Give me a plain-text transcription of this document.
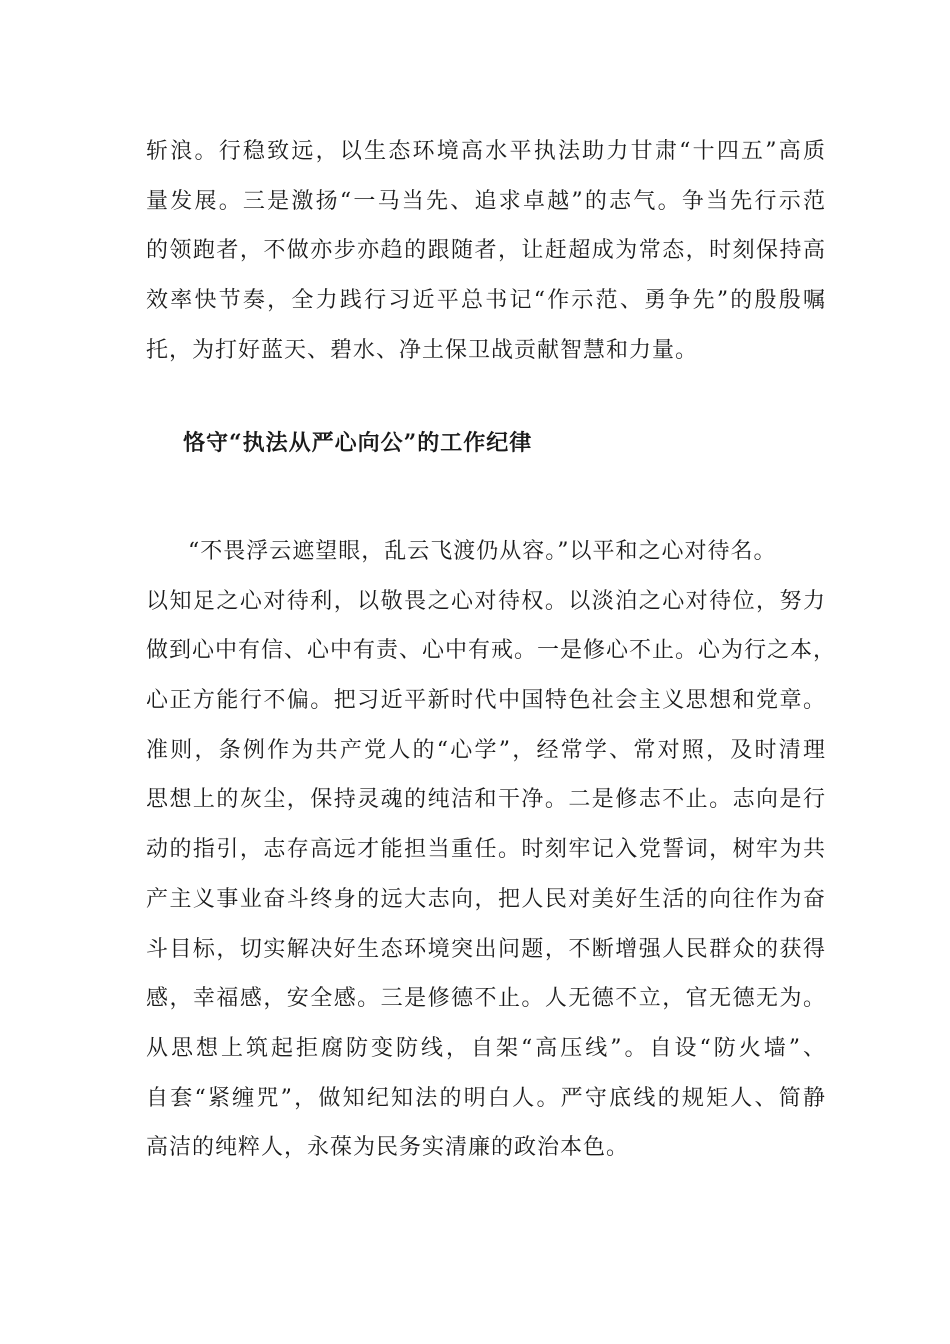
斩浪。行稳致远，以生态环境高水平执法助力甘肃“十四五”高质
量发展。三是激扬“一马当先、追求卓越”的志气。争当先行示范
的领跑者，不做亦步亦趋的跟随者，让赶超成为常态，时刻保持高
效率快节奏，全力践行习近平总书记“作示范、勇争先”的殷殷嘱
托，为打好蓝天、碧水、净土保卫战贡献智慧和力量。
恪守“执法从严心向公”的工作纪律
“不畏浮云遮望眼，乱云飞渡仍从容。”以平和之心对待名。
以知足之心对待利，以敬畏之心对待权。以淡泊之心对待位，努力
做到心中有信、心中有责、心中有戒。一是修心不止。心为行之本，
心正方能行不偏。把习近平新时代中国特色社会主义思想和党章。
准则，条例作为共产党人的“心学”，经常学、常对照，及时清理
思想上的灰尘，保持灵魂的纯洁和干净。二是修志不止。志向是行
动的指引，志存高远才能担当重任。时刻牢记入党誓词，树牢为共
产主义事业奋斗终身的远大志向，把人民对美好生活的向往作为奋
斗目标，切实解决好生态环境突出问题，不断增强人民群众的获得
感，幸福感，安全感。三是修德不止。人无德不立，官无德无为。
从思想上筑起拒腐防变防线，自架“高压线”。自设“防火墙”、
自套“紧缠咒”，做知纪知法的明白人。严守底线的规矩人、简静
高洁的纯粹人，永葆为民务实清廉的政治本色。
